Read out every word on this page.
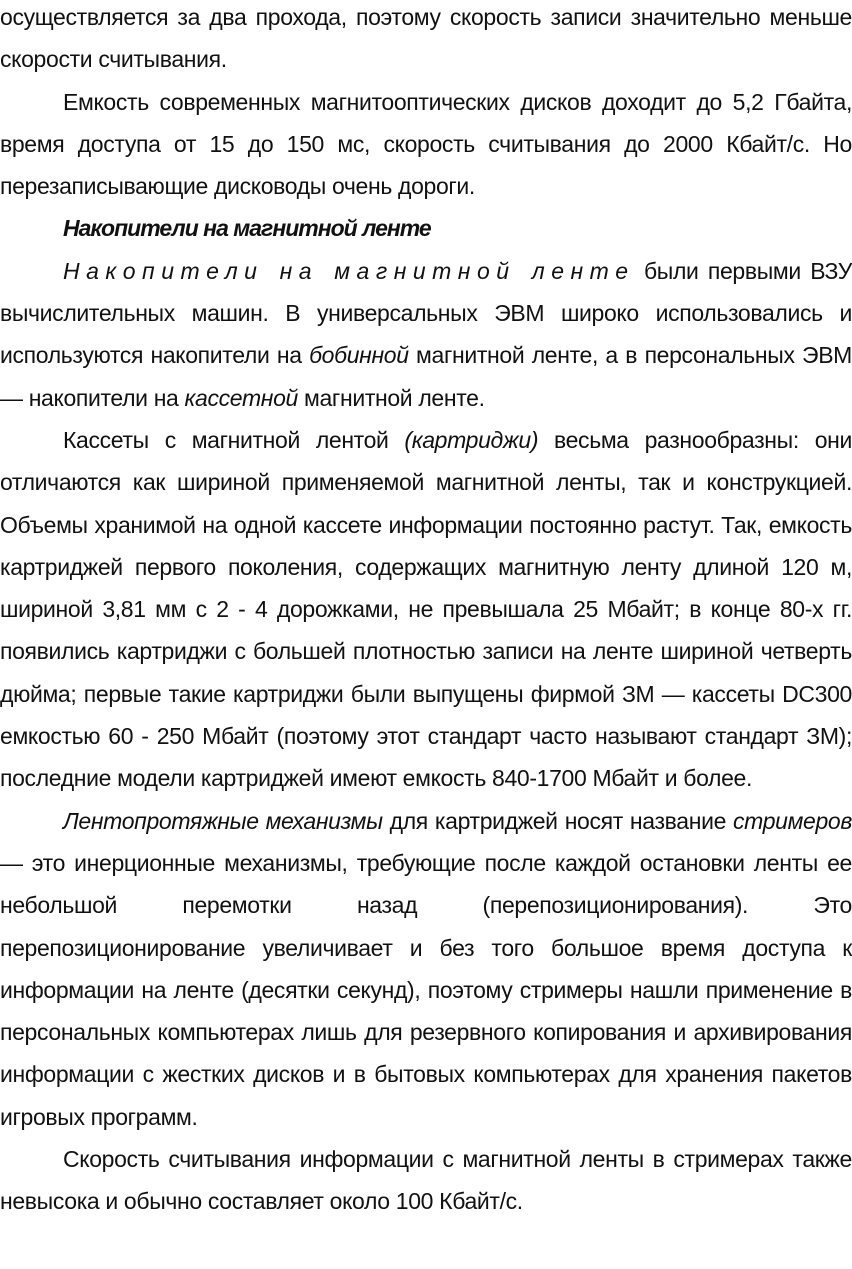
осуществляется за два прохода, поэтому скорость записи значительно меньше скорости считывания.

Емкость современных магнитооптических дисков доходит до 5,2 Гбайта, время доступа от 15 до 150 мс, скорость считывания до 2000 Кбайт/с. Но перезаписывающие дисководы очень дороги.

Накопители на магнитной ленте

Накопители на магнитной ленте были первыми ВЗУ вычислительных машин. В универсальных ЭВМ широко использовались и используются накопители на бобинной магнитной ленте, а в персональных ЭВМ — накопители на кассетной магнитной ленте.

Кассеты с магнитной лентой (картриджи) весьма разнообразны: они отличаются как шириной применяемой магнитной ленты, так и конструкцией. Объемы хранимой на одной кассете информации постоянно растут. Так, емкость картриджей первого поколения, содержащих магнитную ленту длиной 120 м, шириной 3,81 мм с 2 - 4 дорожками, не превышала 25 Мбайт; в конце 80-х гг. появились картриджи с большей плотностью записи на ленте шириной четверть дюйма; первые такие картриджи были выпущены фирмой ЗМ — кассеты DC300 емкостью 60 - 250 Мбайт (поэтому этот стандарт часто называют стандарт ЗМ); последние модели картриджей имеют емкость 840-1700 Мбайт и более.

Лентопротяжные механизмы для картриджей носят название стримеров — это инерционные механизмы, требующие после каждой остановки ленты ее небольшой перемотки назад (перепозиционирования). Это перепозиционирование увеличивает и без того большое время доступа к информации на ленте (десятки секунд), поэтому стримеры нашли применение в персональных компьютерах лишь для резервного копирования и архивирования информации с жестких дисков и в бытовых компьютерах для хранения пакетов игровых программ.

Скорость считывания информации с магнитной ленты в стримерах также невысока и обычно составляет около 100 Кбайт/с.
